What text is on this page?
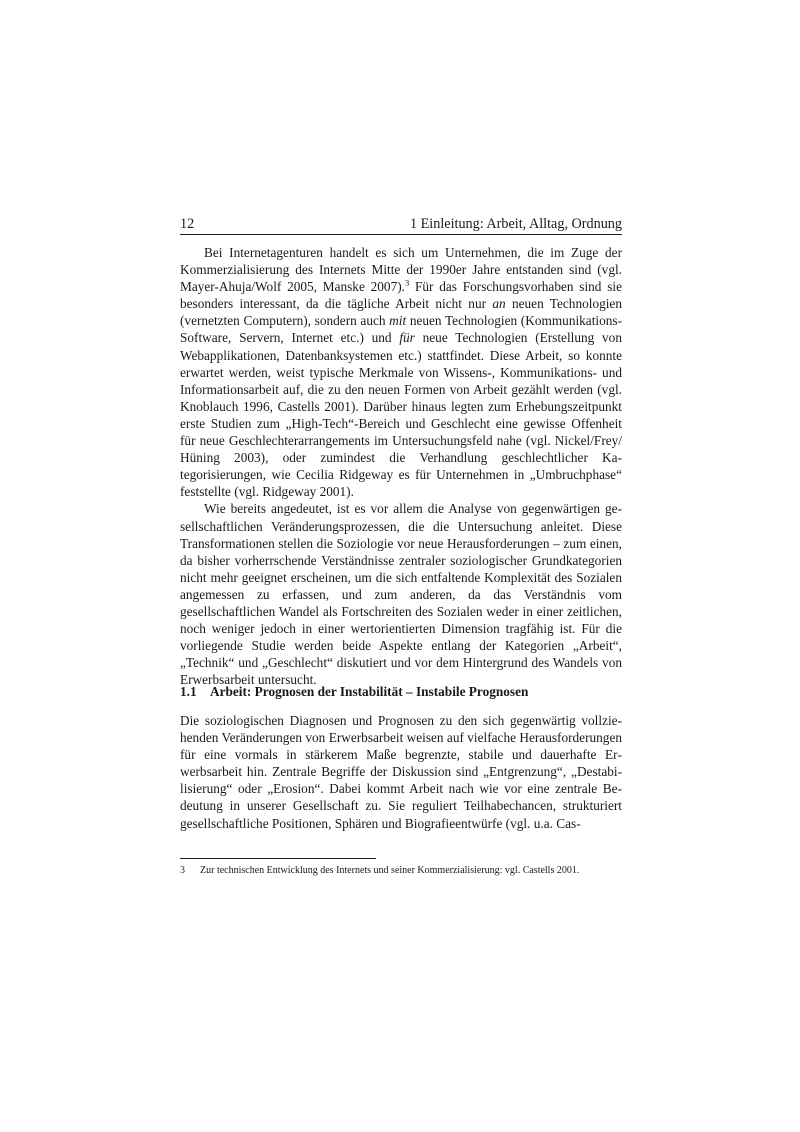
12	1 Einleitung: Arbeit, Alltag, Ordnung

Bei Internetagenturen handelt es sich um Unternehmen, die im Zuge der Kommerzialisierung des Internets Mitte der 1990er Jahre entstanden sind (vgl. Mayer-Ahuja/Wolf 2005, Manske 2007).$^3$ Für das Forschungsvorhaben sind sie besonders interessant, da die tägliche Arbeit nicht nur an neuen Technologien (vernetzten Computern), sondern auch mit neuen Technologien (Kommunikations-Software, Servern, Internet etc.) und für neue Technologien (Erstellung von Webapplikationen, Datenbanksystemen etc.) stattfindet. Diese Arbeit, so konnte erwartet werden, weist typische Merkmale von Wissens-, Kommunikations- und Informationsarbeit auf, die zu den neuen Formen von Arbeit gezählt werden (vgl. Knoblauch 1996, Castells 2001). Darüber hinaus legten zum Erhebungszeitpunkt erste Studien zum „High-Tech“-Bereich und Geschlecht eine gewisse Offenheit für neue Geschlechterarrangements im Untersuchungsfeld nahe (vgl. Nickel/Frey/ Hüning 2003), oder zumindest die Verhandlung geschlechtlicher Kategorisierungen, wie Cecilia Ridgeway es für Unternehmen in „Umbruchphase“ feststellte (vgl. Ridgeway 2001).

Wie bereits angedeutet, ist es vor allem die Analyse von gegenwärtigen gesellschaftlichen Veränderungsprozessen, die die Untersuchung anleitet. Diese Transformationen stellen die Soziologie vor neue Herausforderungen – zum einen, da bisher vorherrschende Verständnisse zentraler soziologischer Grundkategorien nicht mehr geeignet erscheinen, um die sich entfaltende Komplexität des Sozialen angemessen zu erfassen, und zum anderen, da das Verständnis vom gesellschaftlichen Wandel als Fortschreiten des Sozialen weder in einer zeitlichen, noch weniger jedoch in einer wertorientierten Dimension tragfähig ist. Für die vorliegende Studie werden beide Aspekte entlang der Kategorien „Arbeit“, „Technik“ und „Geschlecht“ diskutiert und vor dem Hintergrund des Wandels von Erwerbsarbeit untersucht.

1.1 Arbeit: Prognosen der Instabilität – Instabile Prognosen

Die soziologischen Diagnosen und Prognosen zu den sich gegenwärtig vollziehenden Veränderungen von Erwerbsarbeit weisen auf vielfache Herausforderungen für eine vormals in stärkerem Maße begrenzte, stabile und dauerhafte Erwerbsarbeit hin. Zentrale Begriffe der Diskussion sind „Entgrenzung“, „Destabilisierung“ oder „Erosion“. Dabei kommt Arbeit nach wie vor eine zentrale Bedeutung in unserer Gesellschaft zu. Sie reguliert Teilhabechancen, strukturiert gesellschaftliche Positionen, Sphären und Biografieentwürfe (vgl. u.a. Cas-

3 Zur technischen Entwicklung des Internets und seiner Kommerzialisierung: vgl. Castells 2001.
